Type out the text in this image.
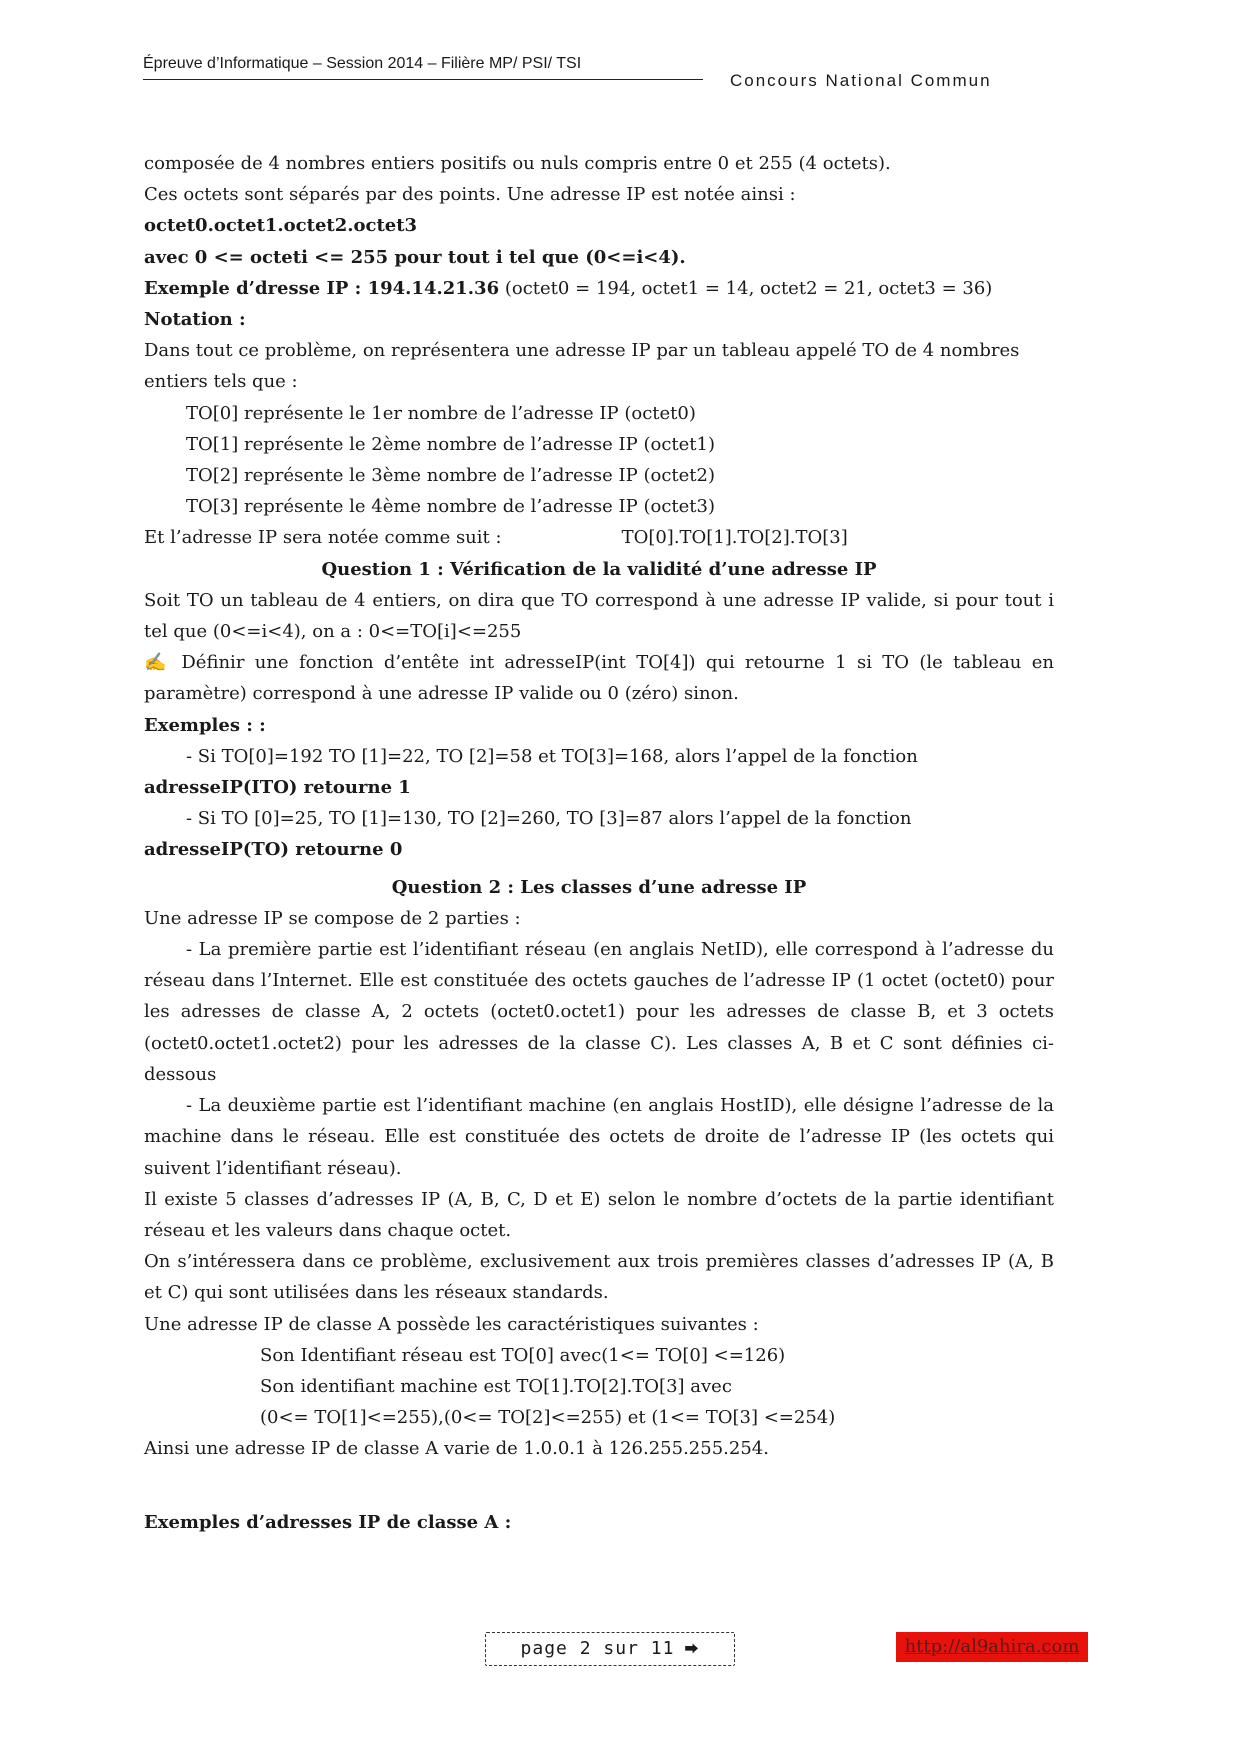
Épreuve d’Informatique – Session 2014 – Filière MP/ PSI/ TSI
Concours National Commun

composée de 4 nombres entiers positifs ou nuls compris entre 0 et 255 (4 octets).

Ces octets sont séparés par des points. Une adresse IP est notée ainsi : octet0.octet1.octet2.octet3

avec 0 <= octeti <= 255 pour tout i tel que (0<=i<4).

Exemple d’dresse IP : 194.14.21.36 (octet0 = 194, octet1 = 14, octet2 = 21, octet3 = 36)

Notation :

Dans tout ce problème, on représentera une adresse IP par un tableau appelé TO de 4 nombres entiers tels que :

TO[0] représente le 1er nombre de l’adresse IP (octet0)

TO[1] représente le 2ème nombre de l’adresse IP (octet1)

TO[2] représente le 3ème nombre de l’adresse IP (octet2)

TO[3] représente le 4ème nombre de l’adresse IP (octet3)

Et l’adresse IP sera notée comme suit :	TO[0].TO[1].TO[2].TO[3]

Question 1 : Vérification de la validité d’une adresse IP

Soit TO un tableau de 4 entiers, on dira que TO correspond à une adresse IP valide, si pour tout i tel que (0<=i<4), on a : 0<=TO[i]<=255

✍ Définir une fonction d’entête int adresseIP(int TO[4]) qui retourne 1 si TO (le tableau en paramètre) correspond à une adresse IP valide ou 0 (zéro) sinon.

Exemples : :

- Si TO[0]=192 TO [1]=22, TO [2]=58 et TO[3]=168, alors l’appel de la fonction

adresseIP(ITO) retourne 1

- Si TO [0]=25, TO [1]=130, TO [2]=260, TO [3]=87 alors l’appel de la fonction

adresseIP(TO) retourne 0

Question 2 : Les classes d’une adresse IP

Une adresse IP se compose de 2 parties :

- La première partie est l’identifiant réseau (en anglais NetID), elle correspond à l’adresse du réseau dans l’Internet. Elle est constituée des octets gauches de l’adresse IP (1 octet (octet0) pour les adresses de classe A, 2 octets (octet0.octet1) pour les adresses de classe B, et 3 octets (octet0.octet1.octet2) pour les adresses de la classe C). Les classes A, B et C sont définies ci-dessous

- La deuxième partie est l’identifiant machine (en anglais HostID), elle désigne l’adresse de la machine dans le réseau. Elle est constituée des octets de droite de l’adresse IP (les octets qui suivent l’identifiant réseau).

Il existe 5 classes d’adresses IP (A, B, C, D et E) selon le nombre d’octets de la partie identifiant réseau et les valeurs dans chaque octet.

On s’intéressera dans ce problème, exclusivement aux trois premières classes d’adresses IP (A, B et C) qui sont utilisées dans les réseaux standards.

Une adresse IP de classe A possède les caractéristiques suivantes :

Son Identifiant réseau est TO[0] avec(1<= TO[0] <=126)

Son identifiant machine est TO[1].TO[2].TO[3] avec

(0<= TO[1]<=255),(0<= TO[2]<=255) et (1<= TO[3] <=254)

Ainsi une adresse IP de classe A varie de 1.0.0.1 à 126.255.255.254.

Exemples d’adresses IP de classe A :

page 2 sur 11 ⮕	http://al9ahira.com
